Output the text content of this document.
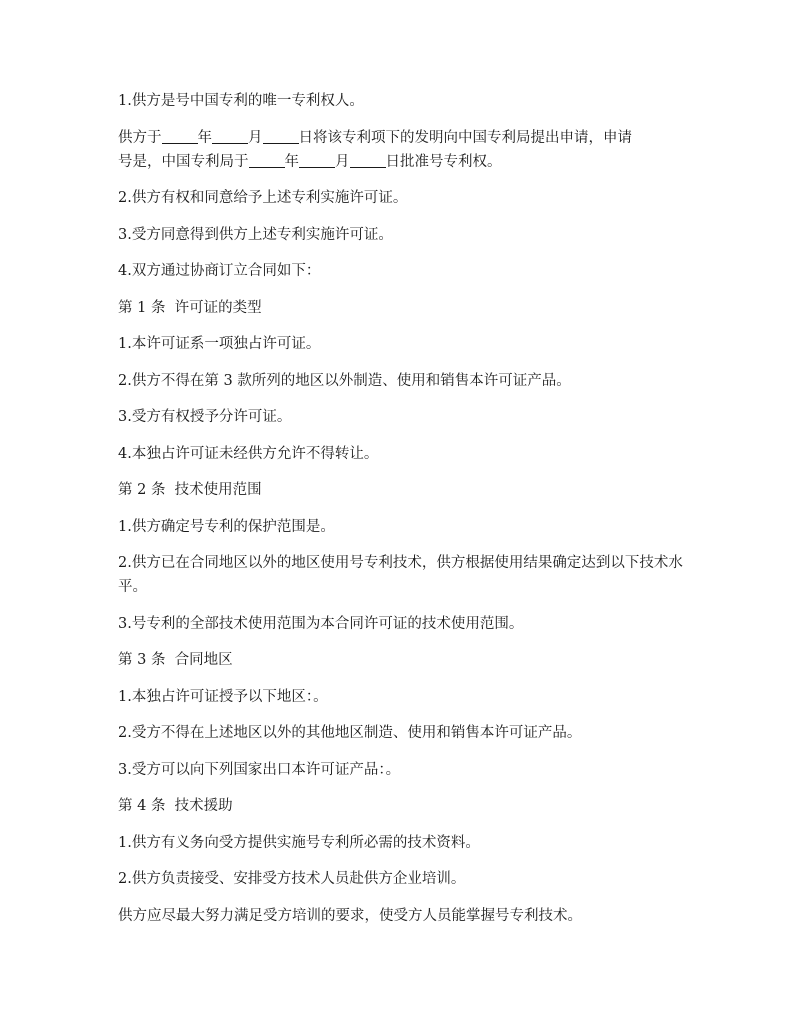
1.供方是号中国专利的唯一专利权人。

供方于 年 月 日将该专利项下的发明向中国专利局提出申请，申请
号是，中国专利局于 年 月 日批准号专利权。

2.供方有权和同意给予上述专利实施许可证。

3.受方同意得到供方上述专利实施许可证。

4.双方通过协商订立合同如下：

第 1 条  许可证的类型

1.本许可证系一项独占许可证。

2.供方不得在第 3 款所列的地区以外制造、使用和销售本许可证产品。

3.受方有权授予分许可证。

4.本独占许可证未经供方允许不得转让。

第 2 条  技术使用范围

1.供方确定号专利的保护范围是。

2.供方已在合同地区以外的地区使用号专利技术，供方根据使用结果确定达到以下技术水平。

3.号专利的全部技术使用范围为本合同许可证的技术使用范围。

第 3 条  合同地区

1.本独占许可证授予以下地区：。

2.受方不得在上述地区以外的其他地区制造、使用和销售本许可证产品。

3.受方可以向下列国家出口本许可证产品：。

第 4 条  技术援助

1.供方有义务向受方提供实施号专利所必需的技术资料。

2.供方负责接受、安排受方技术人员赴供方企业培训。

供方应尽最大努力满足受方培训的要求，使受方人员能掌握号专利技术。
